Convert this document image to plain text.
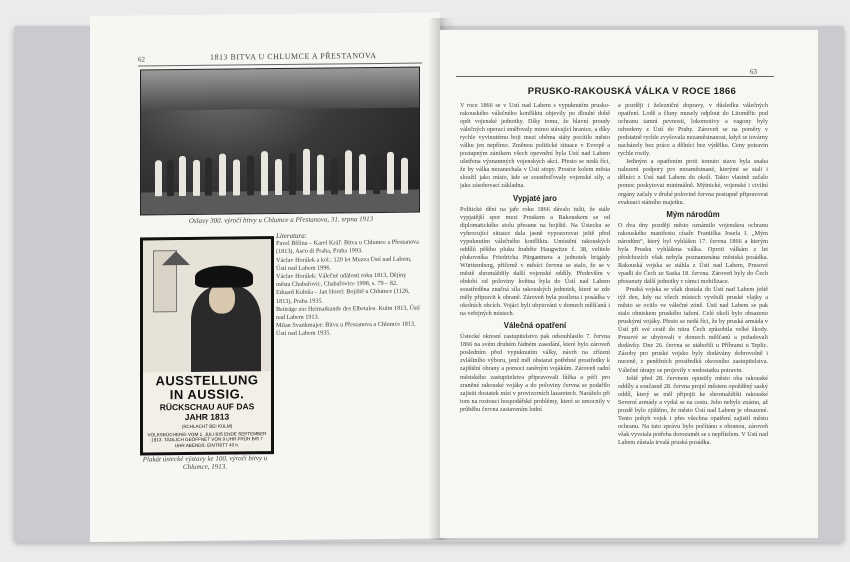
62	1813 BITVA U CHLUMCE A PŘESTANOVA
Oslavy 300. výročí bitvy u Chlumce a Přestanova, 31. srpna 1913
AUSSTELLUNG
IN AUSSIG.
RÜCKSCHAU AUF DAS
JAHR 1813
(SCHLACHT BEI KULM)
VOLKSBÜCHEREI VOM 1. JULI BIS ENDE SEPTEMBER 1913. TÄGLICH GEÖFFNET VON 9 UHR FRÜH BIS 7 UHR ABENDS. EINTRITT 40 h.
Plakát ústecké výstavy ke 100. výročí bitvy u Chlumce, 1913.
Literatura:
Pavel Bělina – Karel Kráľ: Bitva u Chlumce a Přestanova (1813), Asco di Praha, Praha 1993.
Václav Horálek a kol.: 120 let Muzea Ústí nad Labem, Ústí nad Labem 1996.
Václav Horálek: Válečné události roku 1813, Dějiny města Chabařovic, Chabařovice 1998, s. 79 – 82.
Eduard Kubiša – Jan Horel: Bojiště u Chlumce (1126, 1813), Praha 1935.
Beiträge zur Heimatkunde des Elbetales. Kulm 1813, Ústí nad Labem 1913.
Milan Svankmajer: Bitva u Přestanova a Chlumce 1813, Ústí nad Labem 1935.
63
PRUSKO-RAKOUSKÁ VÁLKA V ROCE 1866
V roce 1866 se v Ústí nad Labem s vypuknutím prusko-rakouského válečného konfliktu objevily po dlouhé době opět vojenské jednotky. Díky tomu, že hlavní proudy válečných operací směřovaly mimo stávající hranice, a díky rychle vyvinutému boji mezi oběma státy pocítilo město válku jen nepřímo. Změnou politické situace v Evropě a postupným zánikem všech opevnění byla Ústí nad Labem ušetřena významných vojenských akcí. Přesto se nedá říci, že by válka nezanechala v Ústí stopy. Prostor kolem města sloužil jako místo, kde se soustřeďovaly vojenské síly, a jako zásobovací základna.
Vypjaté jaro
Politické dění na jaře roku 1866 dávalo tušit, že stále vypjatější spor mezi Pruskem a Rakouskem se od diplomatického stolu přesune na bojiště. Na Ústecku se vyhrocující situace dala jasně vypozorovat ještě před vypuknutím válečného konfliktu. Umístění rakouských oddílů pěšího pluku hraběte Haugwitze č. 38, velitele plukovníka Friedricha Pürgantnera a jednotek brigády Württemberg, přičemž v měsíci červnu se stalo, že se v městě shromáždily další vojenské oddíly. Především v období od poloviny května byla do Ústí nad Labem soustředěna značná síla rakouských jednotek, které se zde měly připravit k obraně. Zároveň byla posílena i posádka v okolních obcích. Vojáci byli ubytováni v domech měšťanů i na veřejných místech.
Válečná opatření
Ústecké okresní zastupitelstvo pak odsouhlasilo 7. června 1866 na svém druhém řádném zasedání, které bylo zároveň posledním před vypuknutím války, návrh na zřízení zvláštního výboru, jenž měl obstarat potřebné prostředky k zajištění obrany a pomoci raněným vojákům. Zároveň radní městského zastupitelstva připravovali lůžka a péči pro zraněné rakouské vojáky a do poloviny června se podařilo zajistit dostatek míst v provizorních lazaretech. Naráželo při tom na rostoucí hospodářské problémy, které se umocnily v průběhu června zastavením lodní
a později i železniční dopravy, v důsledku válečných opatření. Lodě a čluny musely odplout do Litoměřic pod ochranu tamní pevnosti, lokomotivy a vagony byly odvedeny z Ústí do Prahy. Zároveň se na poměry v podstatně rychle zvyšovala nezaměstnanost, když se továrny nacházely bez práce a dělníci bez výdělku. Ceny potravin rychle rostly.
Jediným a opatřením proti tomuto stavu byla snaha nalezení podpory pro nezaměstnané, kterými se stali i dělníci z Ústí nad Labem do okolí. Takto vlastně začalo pomoc poskytovat minimálně. Mýtnické, vojenské i civilní orgány začaly v druhé polovině června postupně připravovat evakuaci státního majetku.
Mým národům
O dva dny později město oznámilo vojenskou ochranu rakouského manifestu císaře Františka Josefa I. „Mým národům“, který byl vyhlášen 17. června 1866 a kterým byla Prusku vyhlášena válka. Oproti válkám z let předchozích však nebyla poznamenána městská posádka. Rakouská vojska se stáhla z Ústí nad Labem, Prusové vpadli do Čech ze Saska 18. června. Zároveň byly do Čech přesunuty další jednotky v rámci mobilizace.
Pruská vojska se však dostala do Ústí nad Labem ještě týž den, kdy na všech místech vyvěsili pruské vlajky a město se ocitlo ve válečné zóně. Ústí nad Labem se pak stalo ohniskem pruského tažení. Celé okolí bylo obsazeno pruskými vojáky. Přesto se nedá říci, že by pruská armáda v Ústí při své cestě do nitra Čech způsobila velké škody. Prusové se ubytovali v domech měšťanů a požadovali dodávky. Dne 26. června se utábořili u Příbrami u Teplic. Zásoby pro pruské vojsko byly dodávány dobrovolně i nuceně, z peněžních prostředků okresního zastupitelstva. Válečné útrapy se projevily v nedostatku potravin.
Ještě před 28. červnem opustily město oba rakouské oddíly a současně 28. června projel městem opožděný saský oddíl, který se měl připojit ke shromaždišti rakouské Severní armády a vydal se na cestu. Jeho nebylo známo, až pozdě bylo zjištěno, že město Ústí nad Labem je obsazené. Tento pohyb vojsk i přes všechna opatření zajistil městu ochranu. Na tuto zprávu bylo počítáno s obranou, zároveň však vyvstala potřeba dorozumět se s nepřítelem. V Ústí nad Labem zůstala trvalá pruská posádka.
